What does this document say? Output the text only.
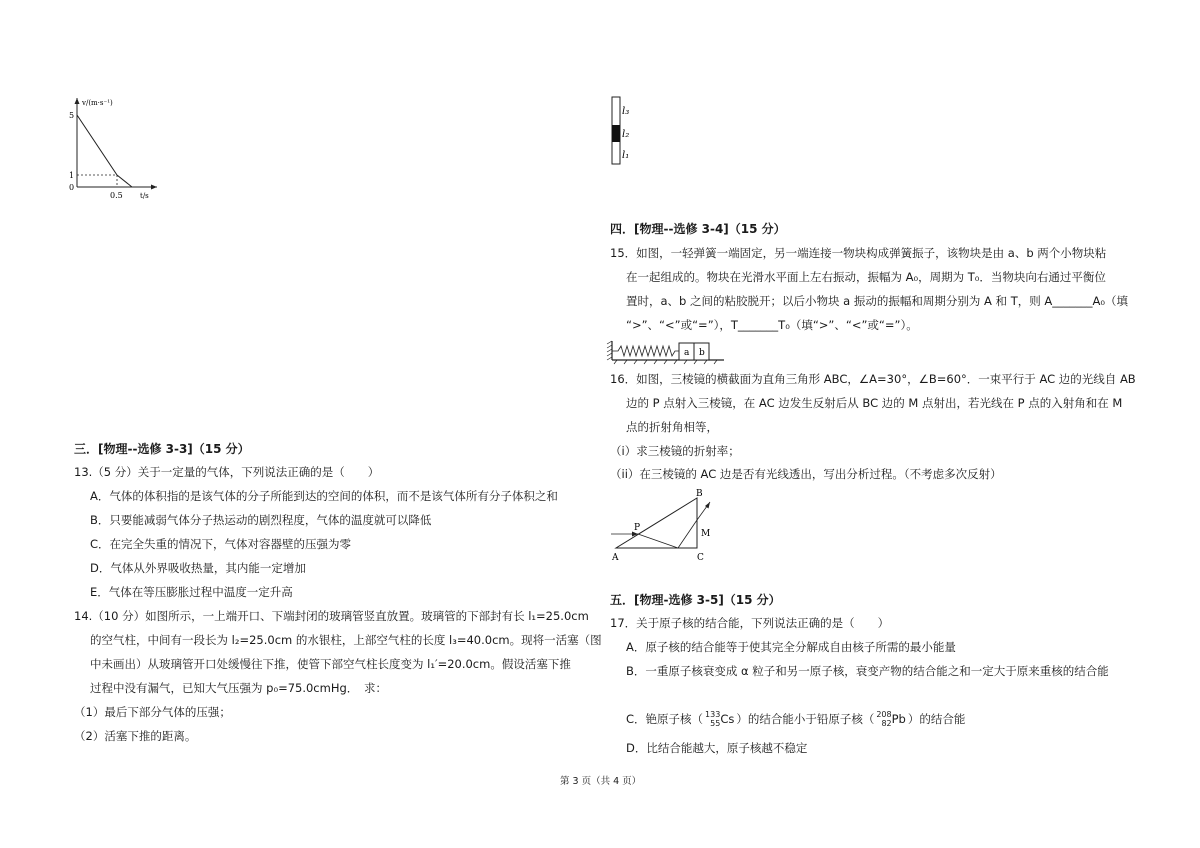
v/(m·s⁻¹)
t/s
5
1
0
0.5
l₃
l₂
l₁
三．[物理--选修 3-3]（15 分）
13.（5 分）关于一定量的气体，下列说法正确的是（　　）
A．气体的体积指的是该气体的分子所能到达的空间的体积，而不是该气体所有分子体积之和
B．只要能减弱气体分子热运动的剧烈程度，气体的温度就可以降低
C．在完全失重的情况下，气体对容器壁的压强为零
D．气体从外界吸收热量，其内能一定增加
E．气体在等压膨胀过程中温度一定升高
14.（10 分）如图所示，一上端开口、下端封闭的玻璃管竖直放置。玻璃管的下部封有长 l₁=25.0cm
的空气柱，中间有一段长为 l₂=25.0cm 的水银柱，上部空气柱的长度 l₃=40.0cm。现将一活塞（图
中未画出）从玻璃管开口处缓慢往下推，使管下部空气柱长度变为 l₁′=20.0cm。假设活塞下推
过程中没有漏气，已知大气压强为 p₀=75.0cmHg．　求：
（1）最后下部分气体的压强；
（2）活塞下推的距离。
四．[物理--选修 3-4]（15 分）
15．如图，一轻弹簧一端固定，另一端连接一物块构成弹簧振子，该物块是由 a、b 两个小物块粘
在一起组成的。物块在光滑水平面上左右振动，振幅为 A₀，周期为 T₀．当物块向右通过平衡位
置时，a、b 之间的粘胶脱开；以后小物块 a 振动的振幅和周期分别为 A 和 T，则 A_______A₀（填
“>”、“<”或“=”），T_______T₀（填“>”、“<”或“=”）。
a b
16．如图，三棱镜的横截面为直角三角形 ABC，∠A=30°，∠B=60°．一束平行于 AC 边的光线自 AB
边的 P 点射入三棱镜，在 AC 边发生反射后从 BC 边的 M 点射出，若光线在 P 点的入射角和在 M
点的折射角相等，
（i）求三棱镜的折射率；
（ii）在三棱镜的 AC 边是否有光线透出，写出分析过程。（不考虑多次反射）
A
B
C
P
M
五．[物理-选修 3-5]（15 分）
17．关于原子核的结合能，下列说法正确的是（　　）
A．原子核的结合能等于使其完全分解成自由核子所需的最小能量
B．一重原子核衰变成 α 粒子和另一原子核，衰变产物的结合能之和一定大于原来重核的结合能
C．铯原子核（ 133
55 Cs ）的结合能小于铅原子核（ 208
82 Pb ）的结合能
D．比结合能越大，原子核越不稳定
第 3 页（共 4 页）
